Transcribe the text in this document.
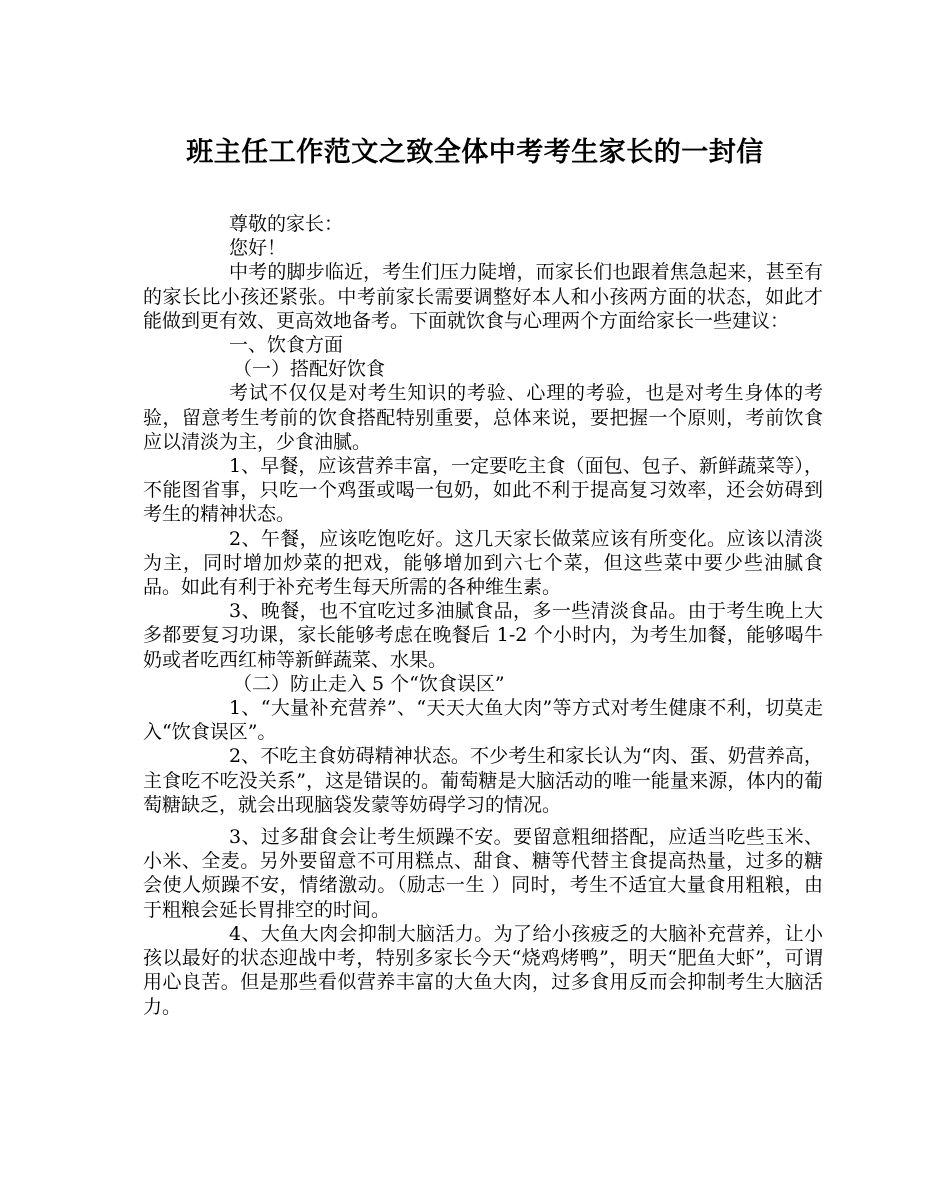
班主任工作范文之致全体中考考生家长的一封信

尊敬的家长：

您好！

中考的脚步临近，考生们压力陡增，而家长们也跟着焦急起来，甚至有的家长比小孩还紧张。中考前家长需要调整好本人和小孩两方面的状态，如此才能做到更有效、更高效地备考。下面就饮食与心理两个方面给家长一些建议：

一、饮食方面

（一）搭配好饮食

考试不仅仅是对考生知识的考验、心理的考验，也是对考生身体的考验，留意考生考前的饮食搭配特别重要，总体来说，要把握一个原则，考前饮食应以清淡为主，少食油腻。

1、早餐，应该营养丰富，一定要吃主食（面包、包子、新鲜蔬菜等），不能图省事，只吃一个鸡蛋或喝一包奶，如此不利于提高复习效率，还会妨碍到考生的精神状态。

2、午餐，应该吃饱吃好。这几天家长做菜应该有所变化。应该以清淡为主，同时增加炒菜的把戏，能够增加到六七个菜，但这些菜中要少些油腻食品。如此有利于补充考生每天所需的各种维生素。

3、晚餐，也不宜吃过多油腻食品，多一些清淡食品。由于考生晚上大多都要复习功课，家长能够考虑在晚餐后 1-2 个小时内，为考生加餐，能够喝牛奶或者吃西红柿等新鲜蔬菜、水果。

（二）防止走入 5 个“饮食误区”

1、“大量补充营养”、“天天大鱼大肉”等方式对考生健康不利，切莫走入“饮食误区”。

2、不吃主食妨碍精神状态。不少考生和家长认为“肉、蛋、奶营养高，主食吃不吃没关系”，这是错误的。葡萄糖是大脑活动的唯一能量来源，体内的葡萄糖缺乏，就会出现脑袋发蒙等妨碍学习的情况。

3、过多甜食会让考生烦躁不安。要留意粗细搭配，应适当吃些玉米、小米、全麦。另外要留意不可用糕点、甜食、糖等代替主食提高热量，过多的糖会使人烦躁不安，情绪激动。（励志一生 ）同时，考生不适宜大量食用粗粮，由于粗粮会延长胃排空的时间。

4、大鱼大肉会抑制大脑活力。为了给小孩疲乏的大脑补充营养，让小孩以最好的状态迎战中考，特别多家长今天“烧鸡烤鸭”，明天“肥鱼大虾”，可谓用心良苦。但是那些看似营养丰富的大鱼大肉，过多食用反而会抑制考生大脑活力。
